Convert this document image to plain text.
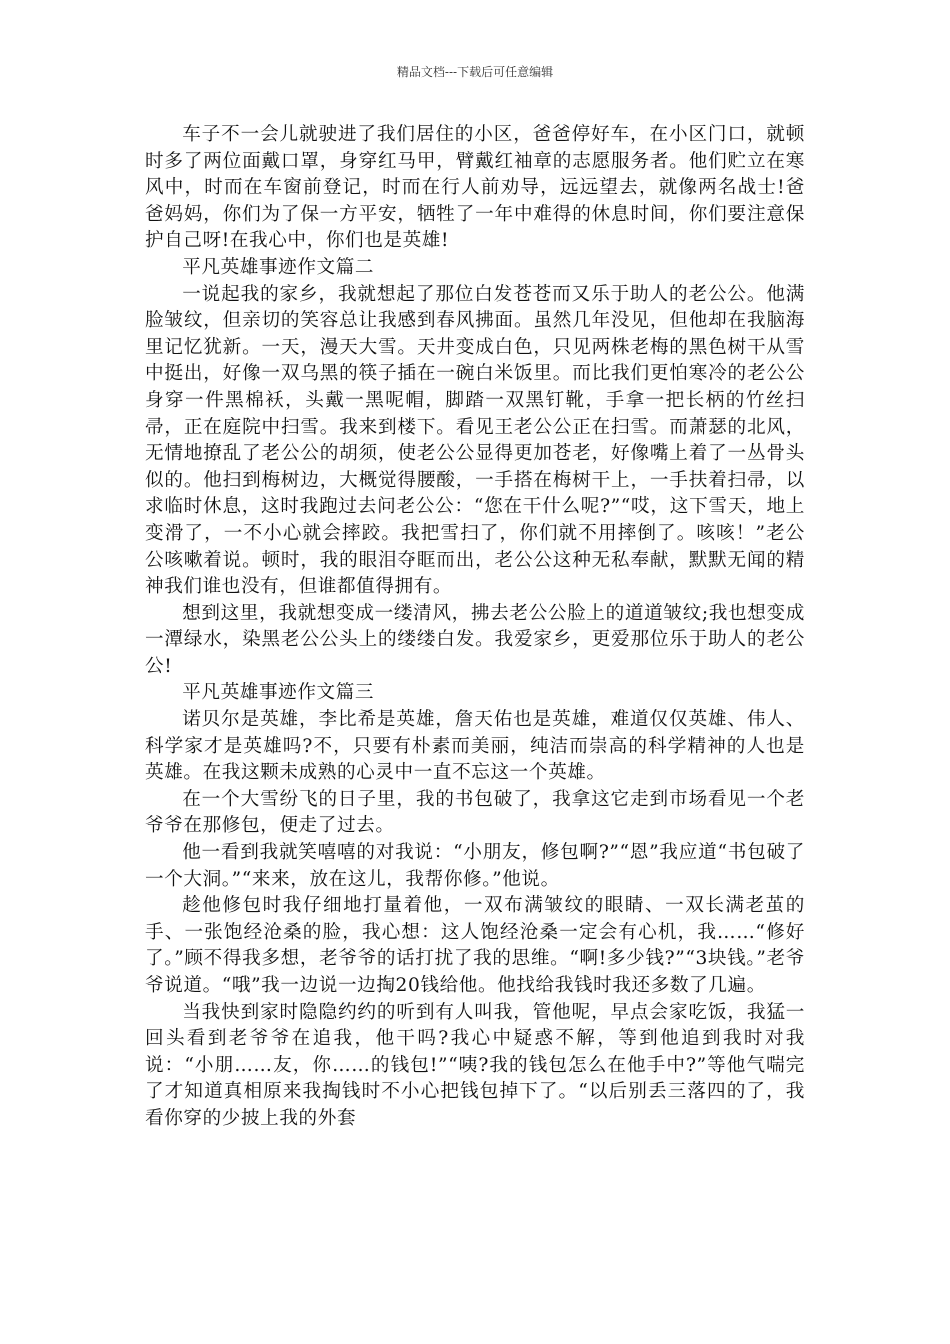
精品文档---下载后可任意编辑

车子不一会儿就驶进了我们居住的小区，爸爸停好车，在小区门口，就顿时多了两位面戴口罩，身穿红马甲，臂戴红袖章的志愿服务者。他们贮立在寒风中，时而在车窗前登记，时而在行人前劝导，远远望去，就像两名战士!爸爸妈妈，你们为了保一方平安，牺牲了一年中难得的休息时间，你们要注意保护自己呀!在我心中，你们也是英雄!

平凡英雄事迹作文篇二

一说起我的家乡，我就想起了那位白发苍苍而又乐于助人的老公公。他满脸皱纹，但亲切的笑容总让我感到春风拂面。虽然几年没见，但他却在我脑海里记忆犹新。一天，漫天大雪。天井变成白色，只见两株老梅的黑色树干从雪中挺出，好像一双乌黑的筷子插在一碗白米饭里。而比我们更怕寒冷的老公公身穿一件黑棉袄，头戴一黑呢帽，脚踏一双黑钉靴，手拿一把长柄的竹丝扫帚，正在庭院中扫雪。我来到楼下。看见王老公公正在扫雪。而萧瑟的北风，无情地撩乱了老公公的胡须，使老公公显得更加苍老，好像嘴上着了一丛骨头似的。他扫到梅树边，大概觉得腰酸，一手搭在梅树干上，一手扶着扫帚，以求临时休息，这时我跑过去问老公公：“您在干什么呢?”“哎，这下雪天，地上变滑了，一不小心就会摔跤。我把雪扫了，你们就不用摔倒了。咳咳！”老公公咳嗽着说。顿时，我的眼泪夺眶而出，老公公这种无私奉献，默默无闻的精神我们谁也没有，但谁都值得拥有。

想到这里，我就想变成一缕清风，拂去老公公脸上的道道皱纹;我也想变成一潭绿水，染黑老公公头上的缕缕白发。我爱家乡，更爱那位乐于助人的老公公!

平凡英雄事迹作文篇三

诺贝尔是英雄，李比希是英雄，詹天佑也是英雄，难道仅仅英雄、伟人、科学家才是英雄吗?不，只要有朴素而美丽，纯洁而崇高的科学精神的人也是英雄。在我这颗未成熟的心灵中一直不忘这一个英雄。

在一个大雪纷飞的日子里，我的书包破了，我拿这它走到市场看见一个老爷爷在那修包，便走了过去。

他一看到我就笑嘻嘻的对我说：“小朋友，修包啊?”“恩”我应道“书包破了一个大洞。”“来来，放在这儿，我帮你修。”他说。

趁他修包时我仔细地打量着他，一双布满皱纹的眼睛、一双长满老茧的手、一张饱经沧桑的脸，我心想：这人饱经沧桑一定会有心机，我……“修好了。”顾不得我多想，老爷爷的话打扰了我的思维。“啊!多少钱?”“3块钱。”老爷爷说道。“哦”我一边说一边掏20钱给他。他找给我钱时我还多数了几遍。

当我快到家时隐隐约约的听到有人叫我，管他呢，早点会家吃饭，我猛一回头看到老爷爷在追我，他干吗?我心中疑惑不解，等到他追到我时对我说：“小朋……友，你……的钱包!”“咦?我的钱包怎么在他手中?”等他气喘完了才知道真相原来我掏钱时不小心把钱包掉下了。“以后别丢三落四的了，我看你穿的少披上我的外套
